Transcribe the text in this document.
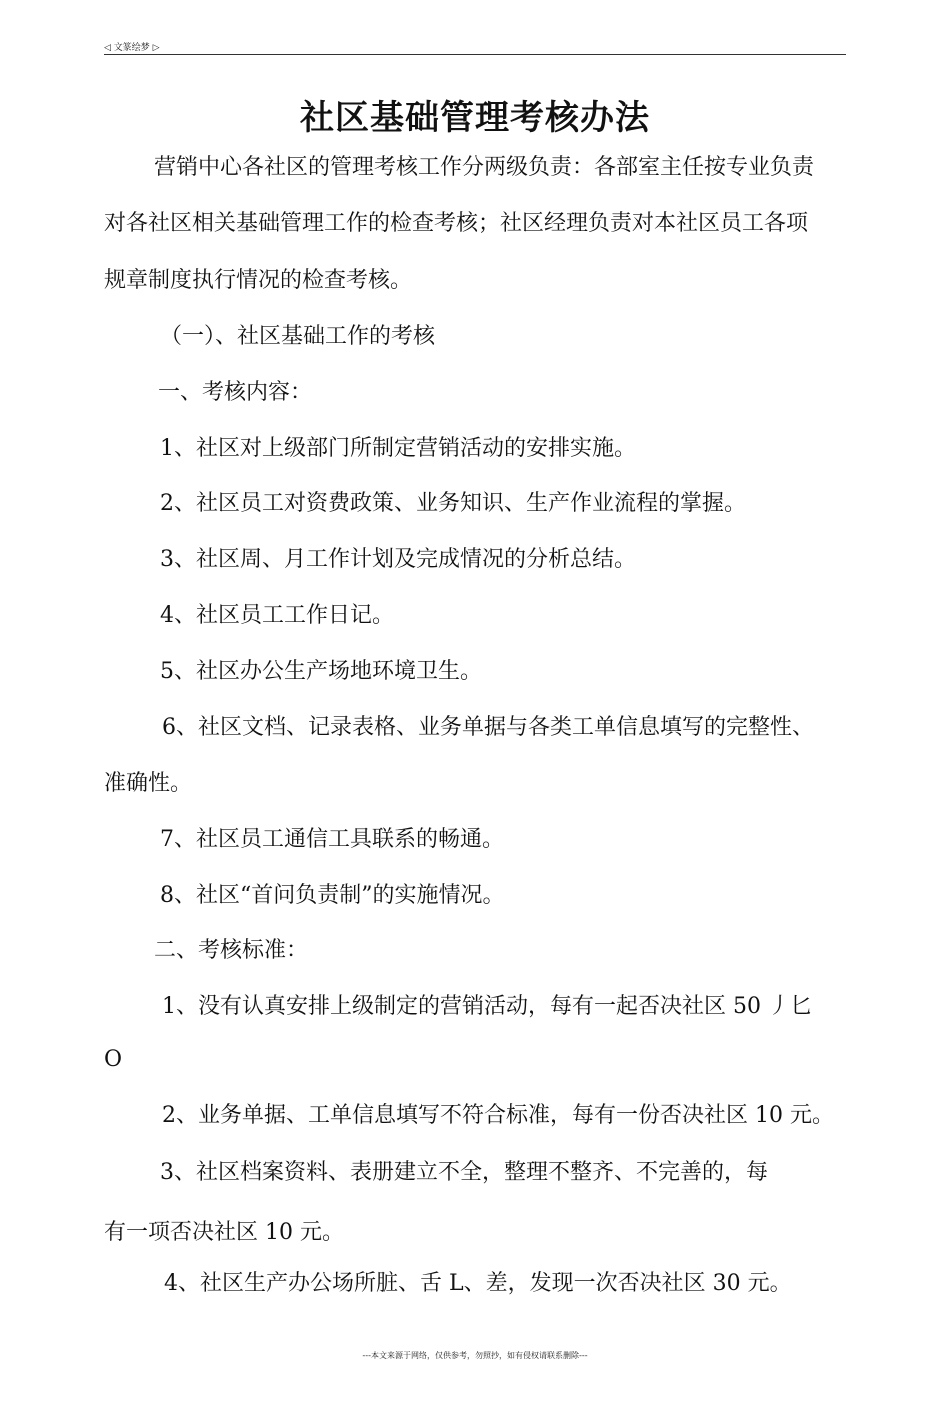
◁ 文篆绘梦 ▷
社区基础管理考核办法
营销中心各社区的管理考核工作分两级负责：各部室主任按专业负责
对各社区相关基础管理工作的检查考核；社区经理负责对本社区员工各项
规章制度执行情况的检查考核。
（一）、社区基础工作的考核
一、考核内容：
1、社区对上级部门所制定营销活动的安排实施。
2、社区员工对资费政策、业务知识、生产作业流程的掌握。
3、社区周、月工作计划及完成情况的分析总结。
4、社区员工工作日记。
5、社区办公生产场地环境卫生。
6、社区文档、记录表格、业务单据与各类工单信息填写的完整性、
准确性。
7、社区员工通信工具联系的畅通。
8、社区“首问负责制”的实施情况。
二、考核标准：
1、没有认真安排上级制定的营销活动，每有一起否决社区 50 丿匕
O
2、业务单据、工单信息填写不符合标准，每有一份否决社区 10 元。
3、社区档案资料、表册建立不全，整理不整齐、不完善的，每
有一项否决社区 10 元。
4、社区生产办公场所脏、舌 L、差，发现一次否决社区 30 元。
---本文来源于网络，仅供参考，勿照抄，如有侵权请联系删除---
